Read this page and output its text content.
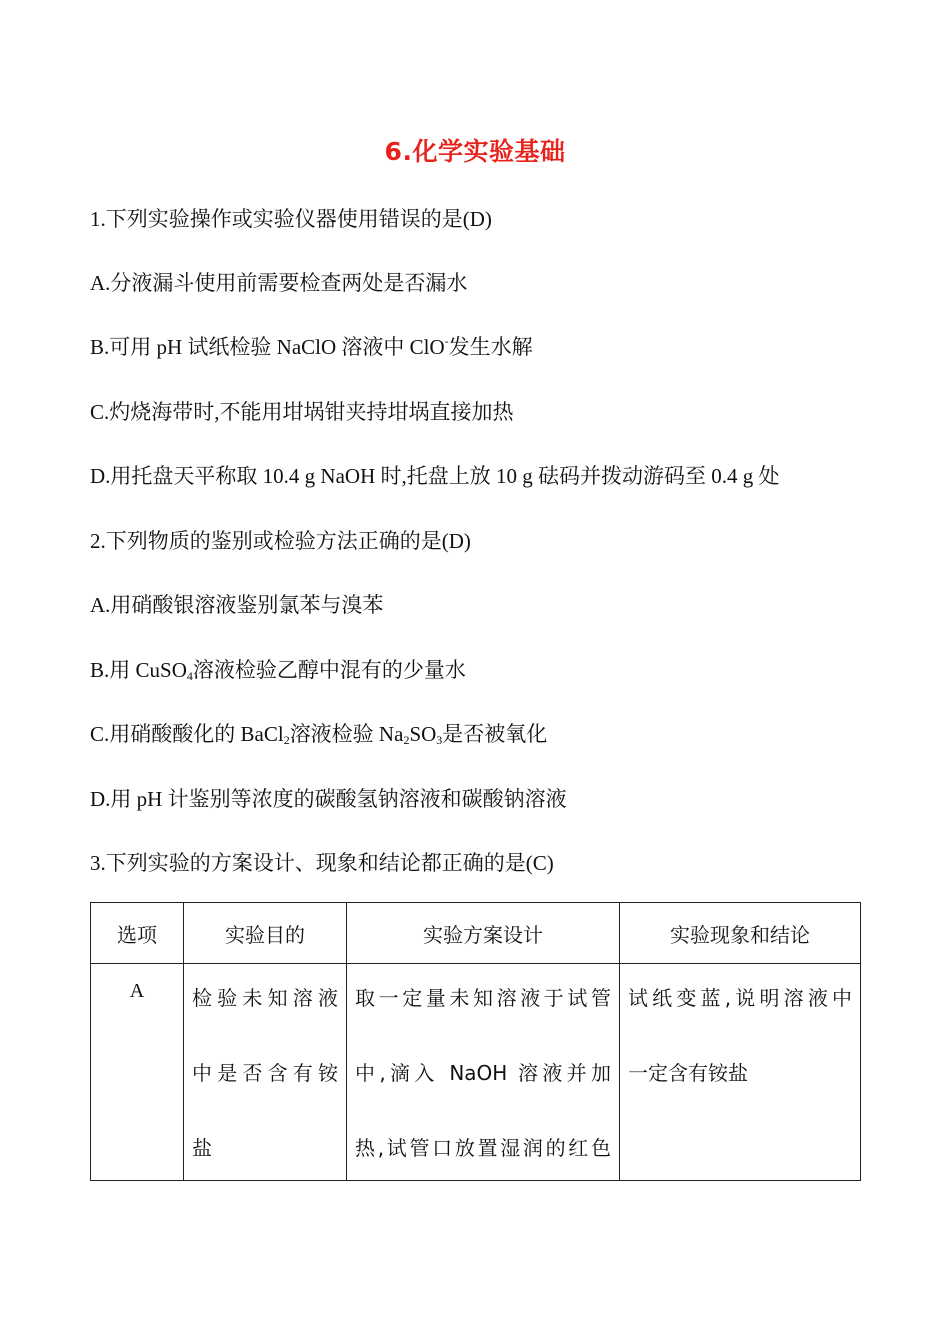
6.化学实验基础
1.下列实验操作或实验仪器使用错误的是(D)
A.分液漏斗使用前需要检查两处是否漏水
B.可用 pH 试纸检验 NaClO 溶液中 ClO-发生水解
C.灼烧海带时,不能用坩埚钳夹持坩埚直接加热
D.用托盘天平称取 10.4 g NaOH 时,托盘上放 10 g 砝码并拨动游码至 0.4 g 处
2.下列物质的鉴别或检验方法正确的是(D)
A.用硝酸银溶液鉴别氯苯与溴苯
B.用 CuSO$_4$溶液检验乙醇中混有的少量水
C.用硝酸酸化的 BaCl$_2$溶液检验 $Na_2SO_3$是否被氧化
D.用 pH 计鉴别等浓度的碳酸氢钠溶液和碳酸钠溶液
3.下列实验的方案设计、现象和结论都正确的是(C)
选项	实验目的	实验方案设计	实验现象和结论
A	检验未知溶液
中是否含有铵
盐	取一定量未知溶液于试管
中,滴入 NaOH 溶液并加
热,试管口放置湿润的红色	试纸变蓝,说明溶液中
一定含有铵盐
